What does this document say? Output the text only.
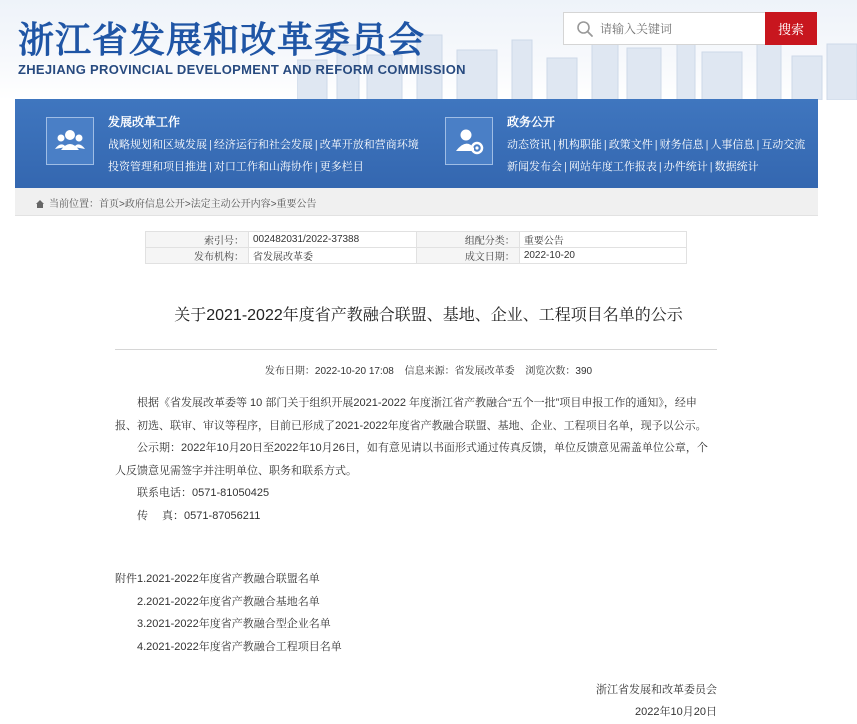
浙江省发展和改革委员会
ZHEJIANG PROVINCIAL DEVELOPMENT AND REFORM COMMISSION
请输入关键词
搜索
发展改革工作
战略规划和区域发展 | 经济运行和社会发展 | 改革开放和营商环境
投资管理和项目推进 | 对口工作和山海协作 | 更多栏目
政务公开
动态资讯 | 机构职能 | 政策文件 | 财务信息 | 人事信息 | 互动交流
新闻发布会 | 网站年度工作报表 | 办件统计 | 数据统计
当前位置：首页>政府信息公开>法定主动公开内容>重要公告
索引号：	002482031/2022-37388	组配分类：	重要公告
发布机构：	省发展改革委	成文日期：	2022-10-20
关于2021-2022年度省产教融合联盟、基地、企业、工程项目名单的公示
发布日期：2022-10-20 17:08 信息来源：省发展改革委 浏览次数：390

根据《省发展改革委等 10 部门关于组织开展2021-2022 年度浙江省产教融合“五个一批”项目申报工作的通知》，经申报、初选、联审、审议等程序，目前已形成了2021-2022年度省产教融合联盟、基地、企业、工程项目名单，现予以公示。

公示期：2022年10月20日至2022年10月26日，如有意见请以书面形式通过传真反馈，单位反馈意见需盖单位公章，个人反馈意见需签字并注明单位、职务和联系方式。

联系电话：0571-81050425

传　 真：0571-87056211

附件1.2021-2022年度省产教融合联盟名单

2.2021-2022年度省产教融合基地名单

3.2021-2022年度省产教融合型企业名单

4.2021-2022年度省产教融合工程项目名单

浙江省发展和改革委员会
2022年10月20日
